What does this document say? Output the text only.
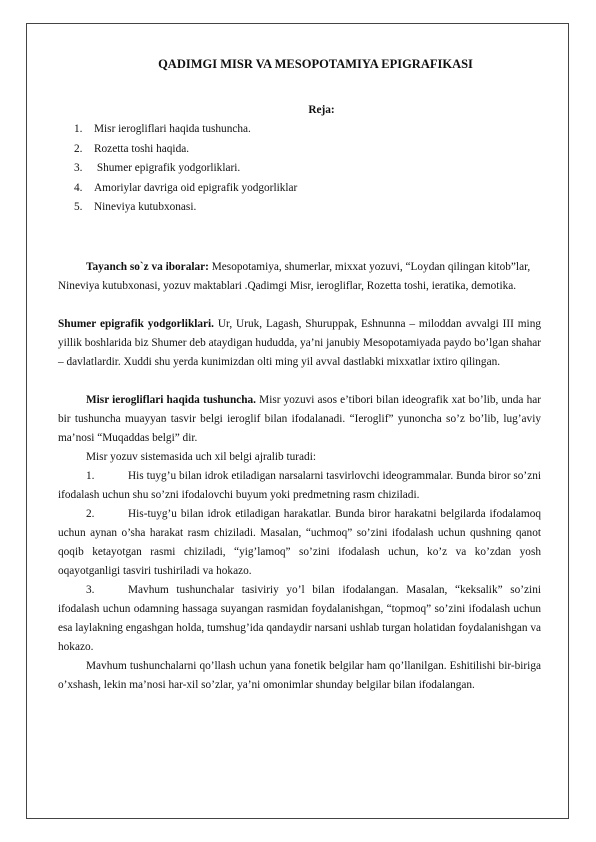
QADIMGI MISR VA MESOPOTAMIYA EPIGRAFIKASI
Reja:
1. Misr ierogliflari haqida tushuncha.
2. Rozetta toshi haqida.
3. Shumer epigrafik yodgorliklari.
4. Amoriylar davriga oid epigrafik yodgorliklar
5. Nineviya kutubxonasi.

Tayanch so`z va iboralar: Mesopotamiya, shumerlar, mixxat yozuvi, “Loydan qilingan kitob”lar, Nineviya kutubxonasi, yozuv maktablari .Qadimgi Misr, ierogliflar, Rozetta toshi, ieratika, demotika.

Shumer epigrafik yodgorliklari. Ur, Uruk, Lagash, Shuruppak, Eshnunna – miloddan avvalgi III ming yillik boshlarida biz Shumer deb ataydigan hududda, ya’ni janubiy Mesopotamiyada paydo bo’lgan shahar – davlatlardir. Xuddi shu yerda kunimizdan olti ming yil avval dastlabki mixxatlar ixtiro qilingan.

Misr ierogliflari haqida tushuncha. Misr yozuvi asos e’tibori bilan ideografik xat bo’lib, unda har bir tushuncha muayyan tasvir belgi ieroglif bilan ifodalanadi. “Ieroglif” yunoncha so’z bo’lib, lug’aviy ma’nosi “Muqaddas belgi” dir.

Misr yozuv sistemasida uch xil belgi ajralib turadi:

1.	His tuyg’u bilan idrok etiladigan narsalarni tasvirlovchi ideogrammalar. Bunda biror so’zni ifodalash uchun shu so’zni ifodalovchi buyum yoki predmetning rasm chiziladi.

2.	His-tuyg’u bilan idrok etiladigan harakatlar. Bunda biror harakatni belgilarda ifodalamoq uchun aynan o’sha harakat rasm chiziladi. Masalan, “uchmoq” so’zini ifodalash uchun qushning qanot qoqib ketayotgan rasmi chiziladi, “yig’lamoq” so’zini ifodalash uchun, ko’z va ko’zdan yosh oqayotganligi tasviri tushiriladi va hokazo.

3.	Mavhum tushunchalar tasiviriy yo’l bilan ifodalangan. Masalan, “keksalik” so’zini ifodalash uchun odamning hassaga suyangan rasmidan foydalanishgan, “topmoq” so’zini ifodalash uchun esa laylakning engashgan holda, tumshug’ida qandaydir narsani ushlab turgan holatidan foydalanishgan va hokazo.

Mavhum tushunchalarni qo’llash uchun yana fonetik belgilar ham qo’llanilgan. Eshitilishi bir-biriga o’xshash, lekin ma’nosi har-xil so’zlar, ya’ni omonimlar shunday belgilar bilan ifodalangan.
